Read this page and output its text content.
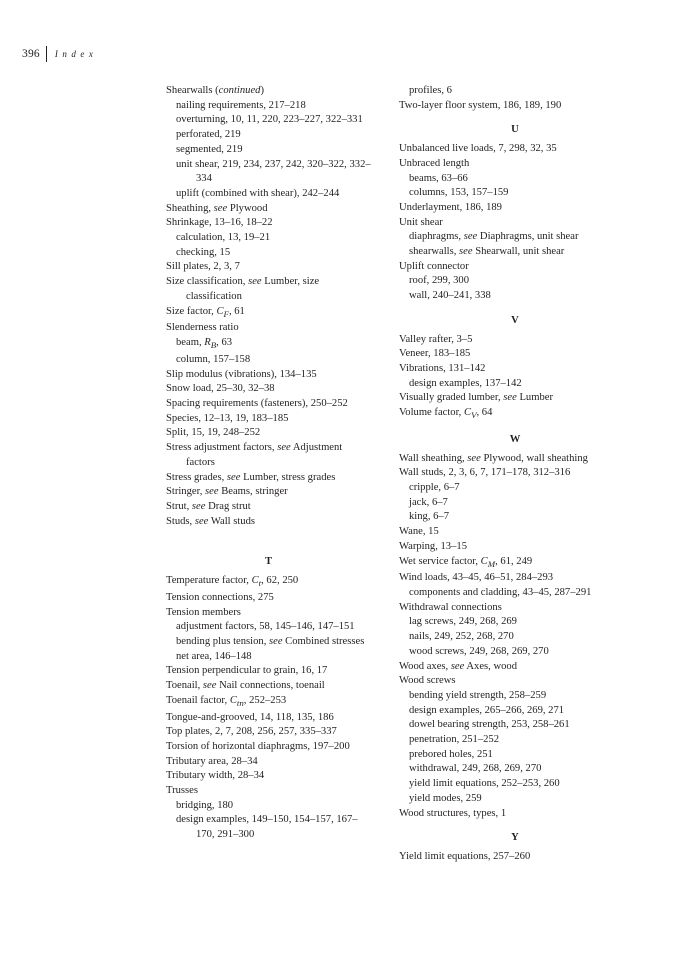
396 Index
Shearwalls (continued)
nailing requirements, 217–218
overturning, 10, 11, 220, 223–227, 322–331
perforated, 219
segmented, 219
unit shear, 219, 234, 237, 242, 320–322, 332–334
uplift (combined with shear), 242–244
Sheathing, see Plywood
Shrinkage, 13–16, 18–22
calculation, 13, 19–21
checking, 15
Sill plates, 2, 3, 7
Size classification, see Lumber, size classification
Size factor, $C_F$, 61
Slenderness ratio
beam, $R_B$, 63
column, 157–158
Slip modulus (vibrations), 134–135
Snow load, 25–30, 32–38
Spacing requirements (fasteners), 250–252
Species, 12–13, 19, 183–185
Split, 15, 19, 248–252
Stress adjustment factors, see Adjustment factors
Stress grades, see Lumber, stress grades
Stringer, see Beams, stringer
Strut, see Drag strut
Studs, see Wall studs
T
Temperature factor, $C_t$, 62, 250
Tension connections, 275
Tension members
adjustment factors, 58, 145–146, 147–151
bending plus tension, see Combined stresses
net area, 146–148
Tension perpendicular to grain, 16, 17
Toenail, see Nail connections, toenail
Toenail factor, $C_{tn}$, 252–253
Tongue-and-grooved, 14, 118, 135, 186
Top plates, 2, 7, 208, 256, 257, 335–337
Torsion of horizontal diaphragms, 197–200
Tributary area, 28–34
Tributary width, 28–34
Trusses
bridging, 180
design examples, 149–150, 154–157, 167–170, 291–300
profiles, 6
Two-layer floor system, 186, 189, 190
U
Unbalanced live loads, 7, 298, 32, 35
Unbraced length
beams, 63–66
columns, 153, 157–159
Underlayment, 186, 189
Unit shear
diaphragms, see Diaphragms, unit shear
shearwalls, see Shearwall, unit shear
Uplift connector
roof, 299, 300
wall, 240–241, 338
V
Valley rafter, 3–5
Veneer, 183–185
Vibrations, 131–142
design examples, 137–142
Visually graded lumber, see Lumber
Volume factor, $C_V$, 64
W
Wall sheathing, see Plywood, wall sheathing
Wall studs, 2, 3, 6, 7, 171–178, 312–316
cripple, 6–7
jack, 6–7
king, 6–7
Wane, 15
Warping, 13–15
Wet service factor, $C_M$, 61, 249
Wind loads, 43–45, 46–51, 284–293
components and cladding, 43–45, 287–291
Withdrawal connections
lag screws, 249, 268, 269
nails, 249, 252, 268, 270
wood screws, 249, 268, 269, 270
Wood axes, see Axes, wood
Wood screws
bending yield strength, 258–259
design examples, 265–266, 269, 271
dowel bearing strength, 253, 258–261
penetration, 251–252
prebored holes, 251
withdrawal, 249, 268, 269, 270
yield limit equations, 252–253, 260
yield modes, 259
Wood structures, types, 1
Y
Yield limit equations, 257–260
